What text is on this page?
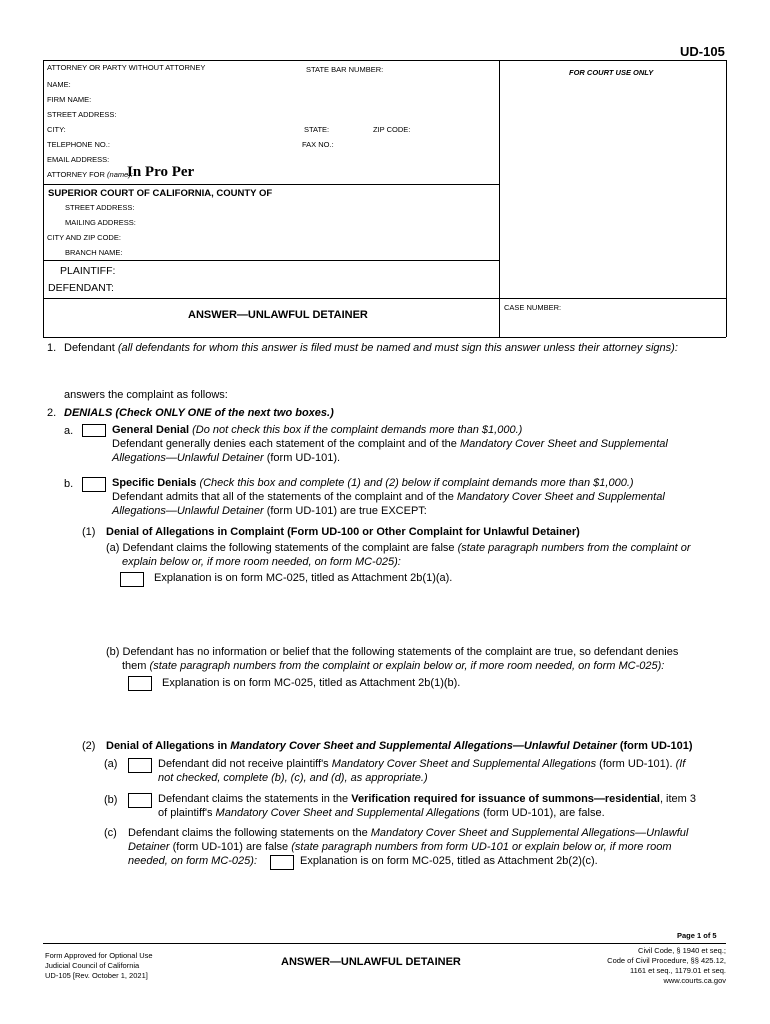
UD-105
ATTORNEY OR PARTY WITHOUT ATTORNEY	STATE BAR NUMBER:	FOR COURT USE ONLY
NAME:
FIRM NAME:
STREET ADDRESS:
CITY:	STATE:	ZIP CODE:
TELEPHONE NO.:	FAX NO.:
EMAIL ADDRESS:
ATTORNEY FOR (name):
In Pro Per
SUPERIOR COURT OF CALIFORNIA, COUNTY OF
STREET ADDRESS:
MAILING ADDRESS:
CITY AND ZIP CODE:
BRANCH NAME:
PLAINTIFF:
DEFENDANT:
ANSWER—UNLAWFUL DETAINER
CASE NUMBER:
1. Defendant (all defendants for whom this answer is filed must be named and must sign this answer unless their attorney signs):
answers the complaint as follows:
2. DENIALS (Check ONLY ONE of the next two boxes.)
a.	General Denial (Do not check this box if the complaint demands more than $1,000.)
Defendant generally denies each statement of the complaint and of the Mandatory Cover Sheet and Supplemental
Allegations—Unlawful Detainer (form UD-101).
b.	Specific Denials (Check this box and complete (1) and (2) below if complaint demands more than $1,000.)
Defendant admits that all of the statements of the complaint and of the Mandatory Cover Sheet and Supplemental
Allegations—Unlawful Detainer (form UD-101) are true EXCEPT:
(1) Denial of Allegations in Complaint (Form UD-100 or Other Complaint for Unlawful Detainer)
(a) Defendant claims the following statements of the complaint are false (state paragraph numbers from the complaint or
explain below or, if more room needed, on form MC-025):
Explanation is on form MC-025, titled as Attachment 2b(1)(a).
(b) Defendant has no information or belief that the following statements of the complaint are true, so defendant denies
them (state paragraph numbers from the complaint or explain below or, if more room needed, on form MC-025):
Explanation is on form MC-025, titled as Attachment 2b(1)(b).
(2) Denial of Allegations in Mandatory Cover Sheet and Supplemental Allegations—Unlawful Detainer (form UD-101)
(a)	Defendant did not receive plaintiff's Mandatory Cover Sheet and Supplemental Allegations (form UD-101). (If
not checked, complete (b), (c), and (d), as appropriate.)
(b)	Defendant claims the statements in the Verification required for issuance of summons—residential, item 3
of plaintiff's Mandatory Cover Sheet and Supplemental Allegations (form UD-101), are false.
(c) Defendant claims the following statements on the Mandatory Cover Sheet and Supplemental Allegations—Unlawful
Detainer (form UD-101) are false (state paragraph numbers from form UD-101 or explain below or, if more room
needed, on form MC-025):	Explanation is on form MC-025, titled as Attachment 2b(2)(c).
Page 1 of 5
Form Approved for Optional Use
Judicial Council of California
UD-105 [Rev. October 1, 2021]
ANSWER—UNLAWFUL DETAINER
Civil Code, § 1940 et seq.;
Code of Civil Procedure, §§ 425.12,
1161 et seq., 1179.01 et seq.
www.courts.ca.gov
